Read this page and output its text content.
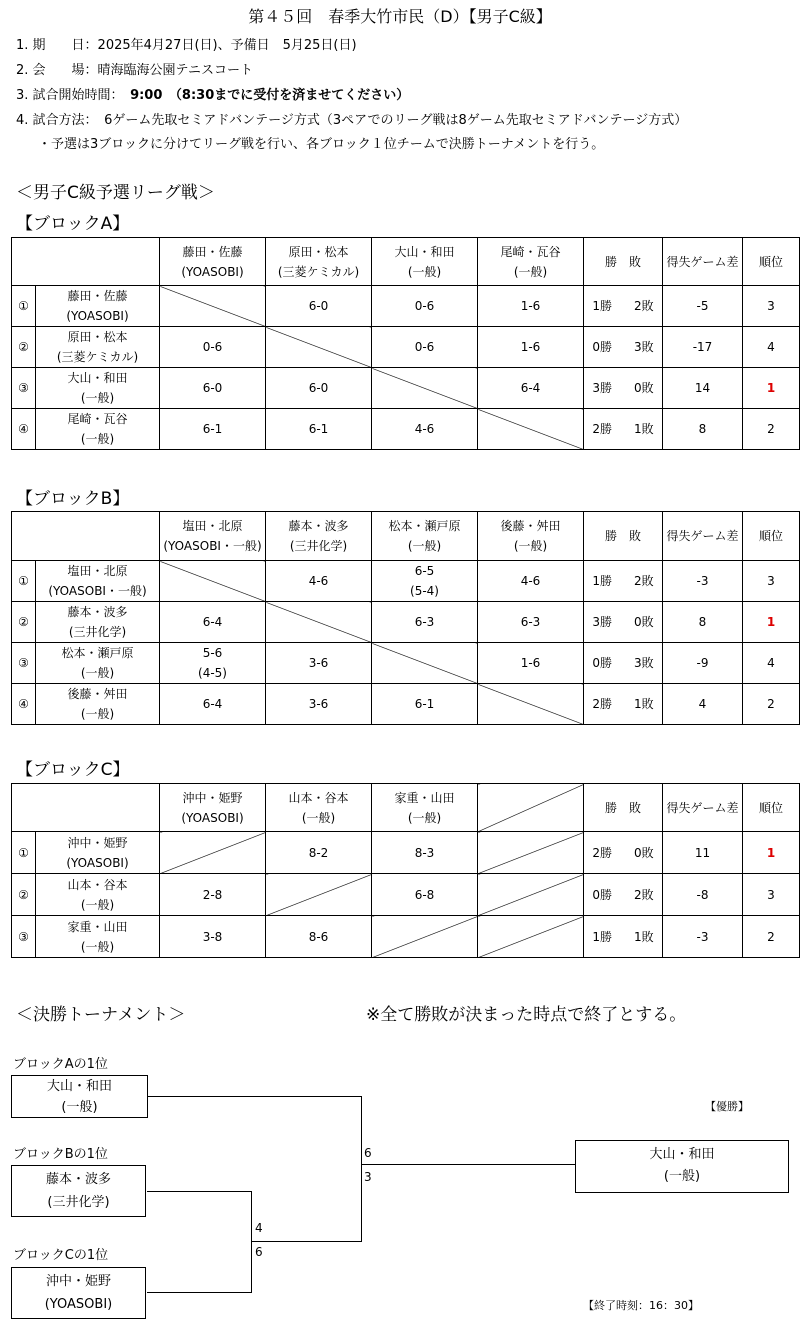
第４５回　春季大竹市民（D）【男子C級】
1. 期　　日：2025年4月27日(日)、予備日　5月25日(日)
2. 会　　場：晴海臨海公園テニスコート
3. 試合開始時間：　 9:00　 （8:30までに受付を済ませてください）
4. 試合方法：　 6ゲーム先取セミアドバンテージ方式（3ペアでのリーグ戦は8ゲーム先取セミアドバンテージ方式）
・予選は3ブロックに分けてリーグ戦を行い、各ブロック１位チームで決勝トーナメントを行う。
＜男子C級予選リーグ戦＞
【ブロックA】
		藤田・佐藤
(YOASOBI)	原田・松本
(三菱ケミカル)	大山・和田
(一般)	尾崎・瓦谷
(一般)	勝　敗	得失ゲーム差	順位
①	藤田・佐藤
(YOASOBI)		6-0	0-6	1-6	1勝 2敗	-5	3
②	原田・松本
(三菱ケミカル)	0-6		0-6	1-6	0勝 3敗	-17	4
③	大山・和田
(一般)	6-0	6-0		6-4	3勝 0敗	14	1
④	尾崎・瓦谷
(一般)	6-1	6-1	4-6		2勝 1敗	8	2
【ブロックB】
		塩田・北原
(YOASOBI・一般)	藤本・波多
(三井化学)	松本・瀬戸原
(一般)	後藤・舛田
(一般)	勝　敗	得失ゲーム差	順位
①	塩田・北原
(YOASOBI・一般)		4-6	6-5
(5-4)	4-6	1勝 2敗	-3	3
②	藤本・波多
(三井化学)	6-4		6-3	6-3	3勝 0敗	8	1
③	松本・瀬戸原
(一般)	5-6
(4-5)	3-6		1-6	0勝 3敗	-9	4
④	後藤・舛田
(一般)	6-4	3-6	6-1		2勝 1敗	4	2
【ブロックC】
		沖中・姫野
(YOASOBI)	山本・谷本
(一般)	家重・山田
(一般)		勝　敗	得失ゲーム差	順位
①	沖中・姫野
(YOASOBI)		8-2	8-3		2勝 0敗	11	1
②	山本・谷本
(一般)	2-8		6-8		0勝 2敗	-8	3
③	家重・山田
(一般)	3-8	8-6			1勝 1敗	-3	2
＜決勝トーナメント＞	※全て勝敗が決まった時点で終了とする。
ブロックAの1位
大山・和田
(一般)
ブロックBの1位
藤本・波多
(三井化学)
ブロックCの1位
沖中・姫野
(YOASOBI)
6
3
4
6
【優勝】
大山・和田
(一般)
【終了時刻：16：30】
